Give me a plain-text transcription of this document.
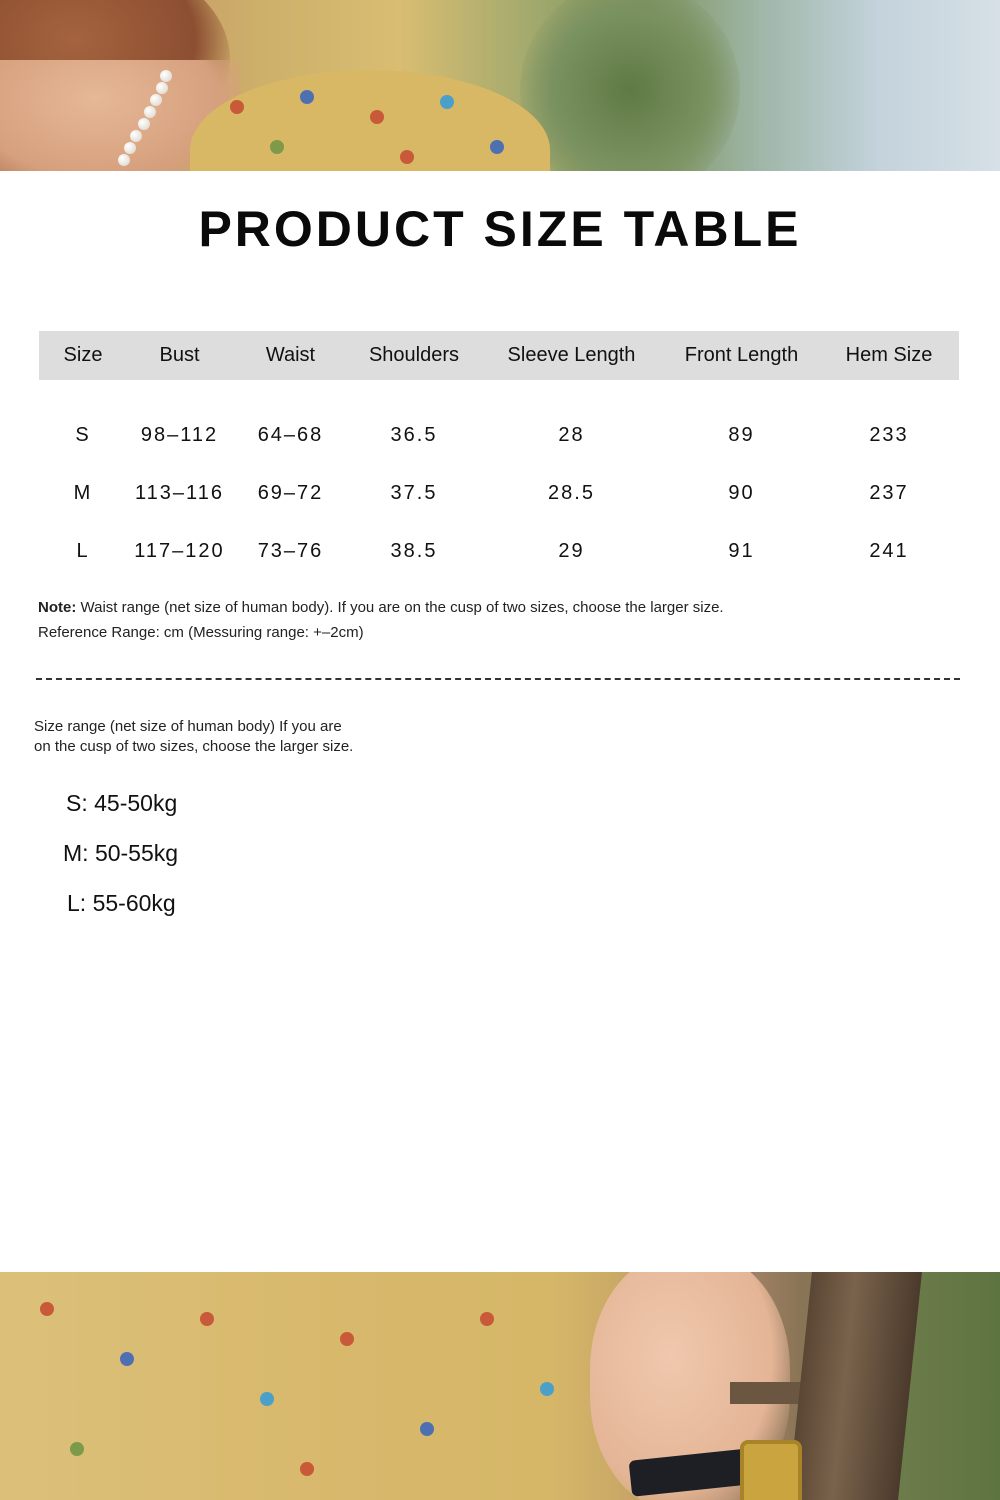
PRODUCT SIZE TABLE
Size	Bust	Waist	Shoulders	Sleeve Length	Front Length	Hem Size
S	98–112	64–68	36.5	28	89	233
M	113–116	69–72	37.5	28.5	90	237
L	117–120	73–76	38.5	29	91	241
Note: Waist range (net size of human body). If you are on the cusp of two sizes, choose the larger size.
Reference Range: cm (Messuring range: +–2cm)
Size range (net size of human body) If you are
on the cusp of two sizes, choose the larger size.
S: 45-50kg
M: 50-55kg
L: 55-60kg
